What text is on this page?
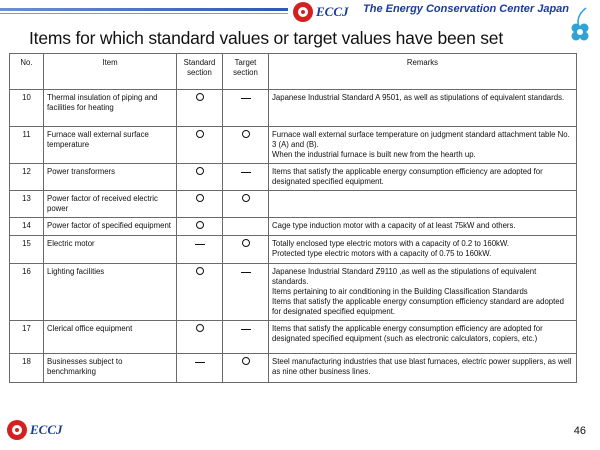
ECCJ The Energy Conservation Center Japan
Items for which standard values or target values have been set
No.	Item	Standard section	Target section	Remarks
10	Thermal insulation of piping and facilities for heating			Japanese Industrial Standard A 9501, as well as stipulations of equivalent standards.

11	Furnace wall external surface temperature			Furnace wall external surface temperature on judgment standard attachment table No. 3 (A) and (B).
When the industrial furnace is built new from the hearth up.

12	Power transformers			Items that satisfy the applicable energy consumption efficiency are adopted for designated specified equipment.

13	Power factor of received electric power			
14	Power factor of specified equipment			Cage type induction motor with a capacity of at least 75kW and others.

15	Electric motor			Totally enclosed type electric motors with a capacity of 0.2 to 160kW.
Protected type electric motors with a capacity of 0.75 to 160kW.

16	Lighting facilities			Japanese Industrial Standard Z9110 ,as well as the stipulations of equivalent standards.
Items pertaining to air conditioning in the Building Classification Standards
Items that satisfy the applicable energy consumption efficiency standard are adopted for designated specified equipment.

17	Clerical office equipment			Items that satisfy the applicable energy consumption efficiency are adopted for designated specified equipment (such as electronic calculators, copiers, etc.)

18	Businesses subject to benchmarking			Steel manufacturing industries that use blast furnaces, electric power suppliers, as well as nine other business lines.
ECCJ	46
